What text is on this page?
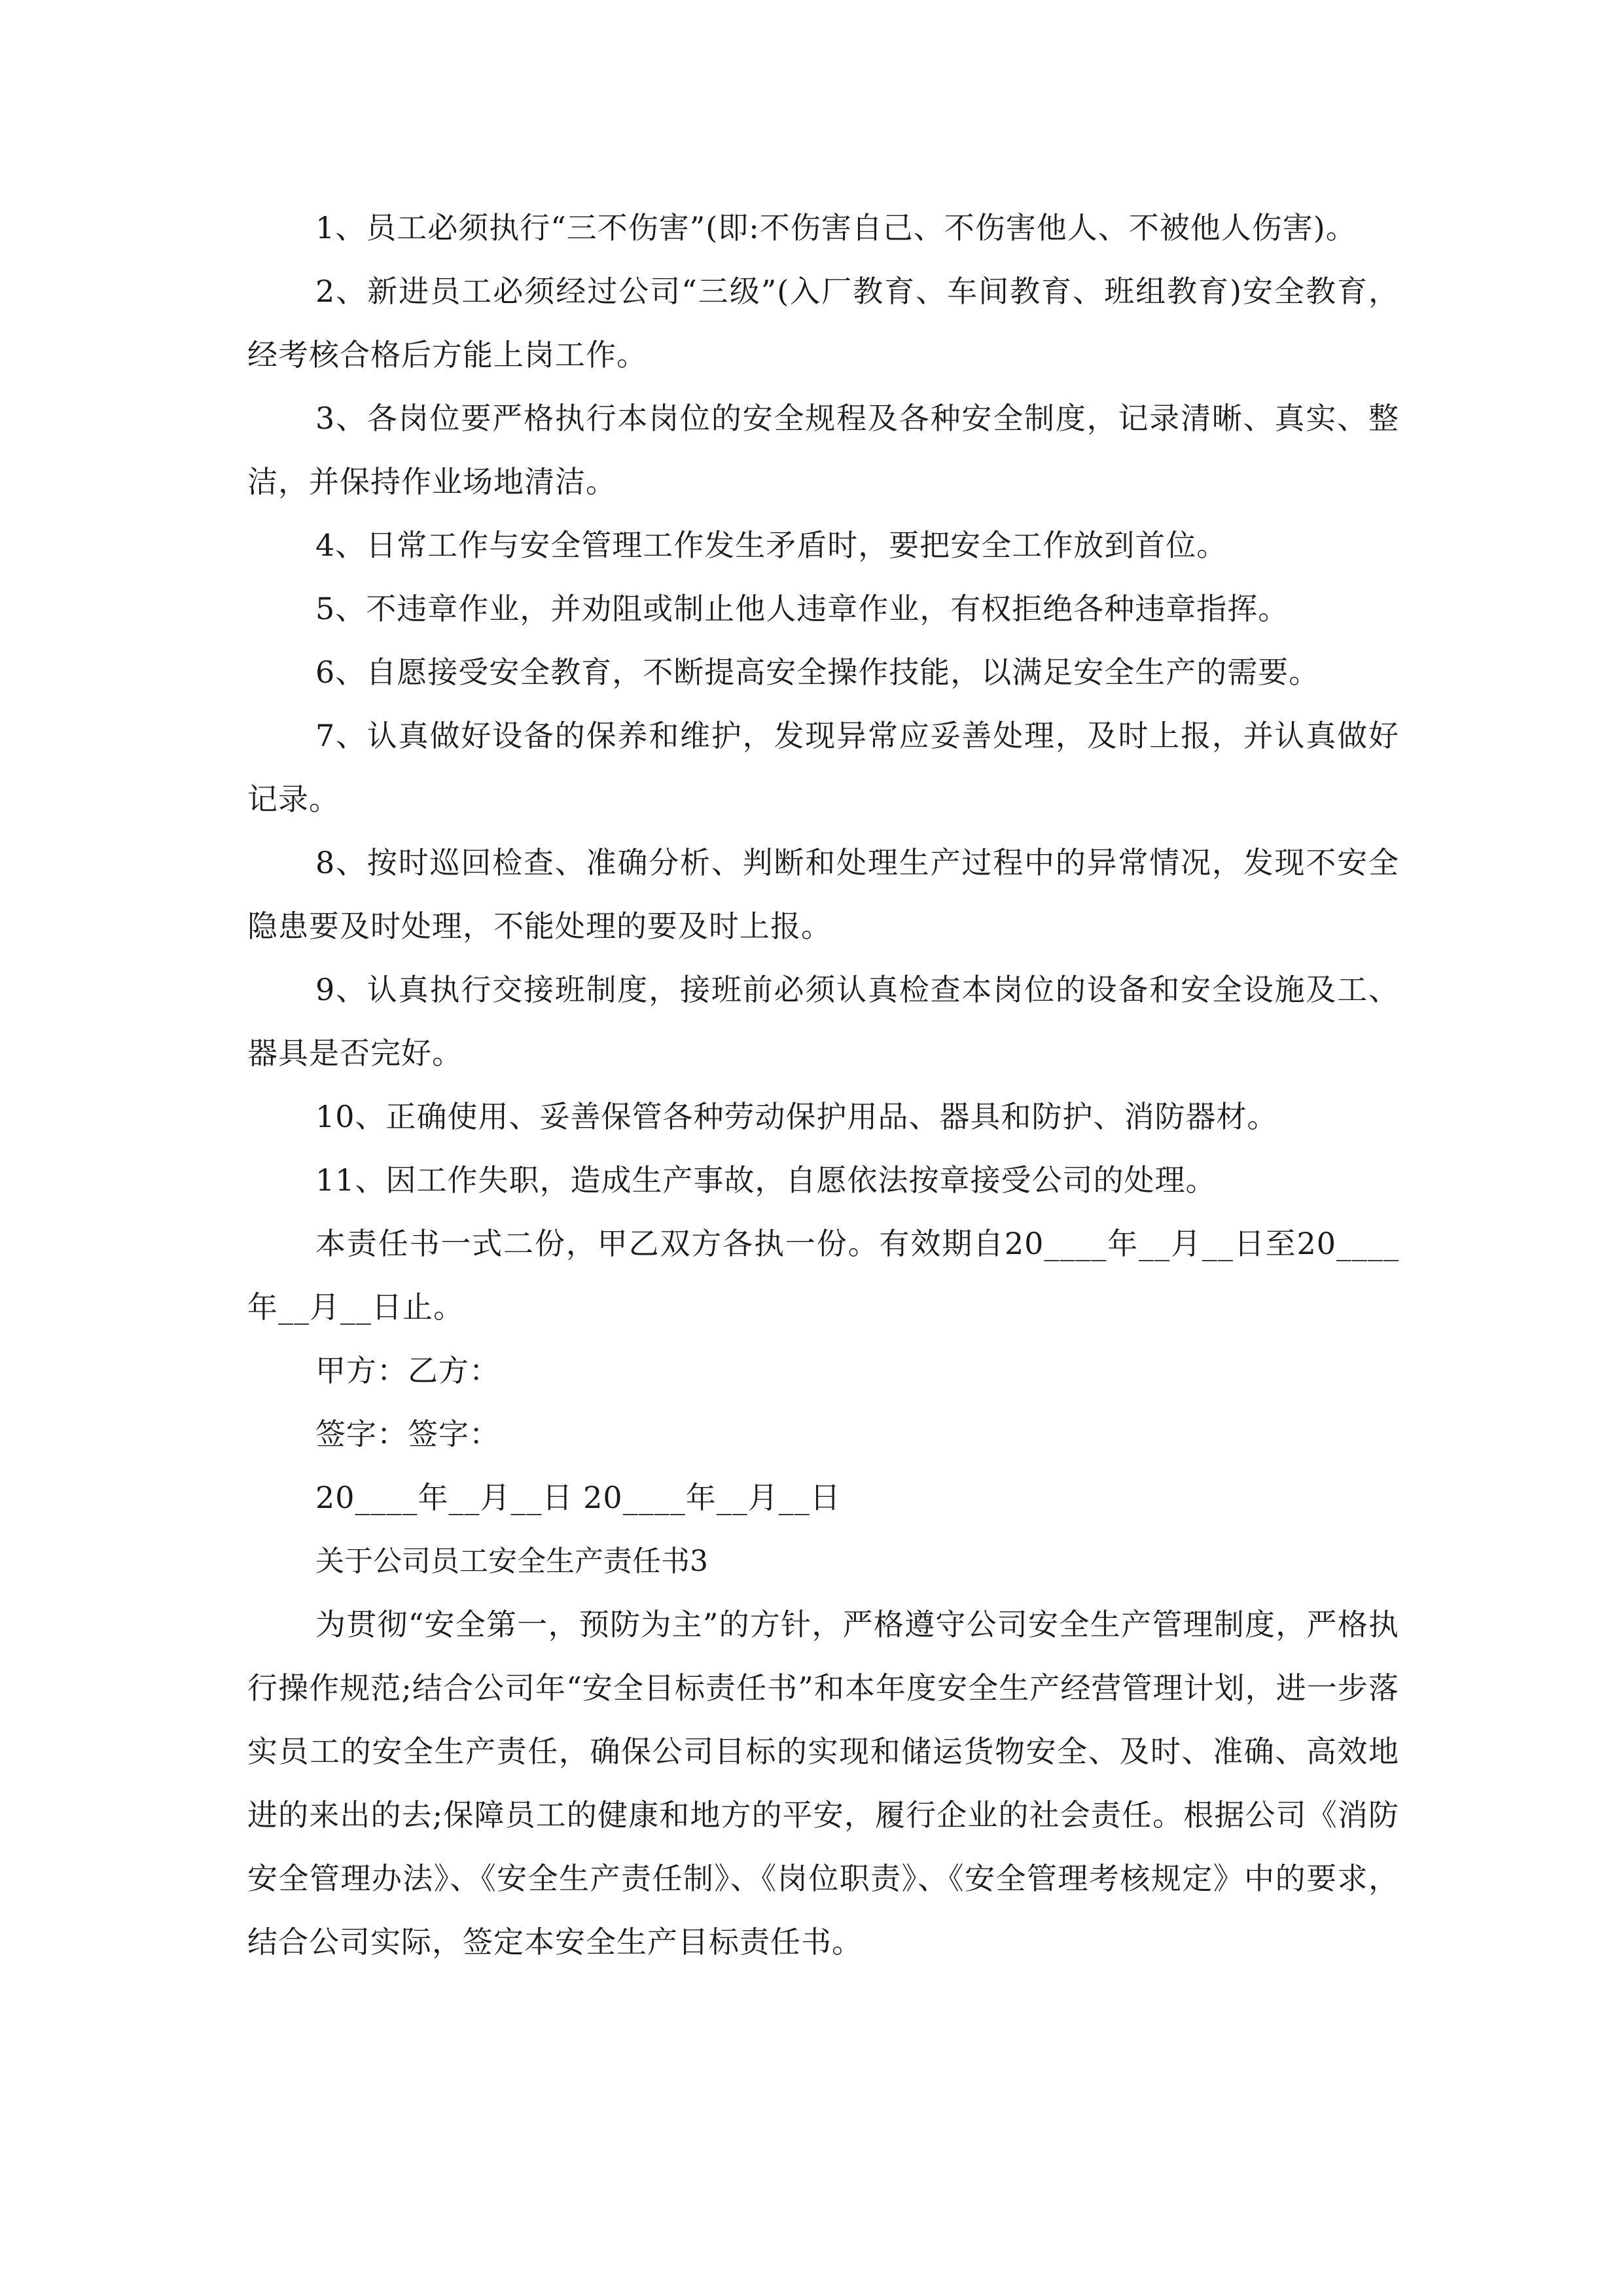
1、员工必须执行“三不伤害”(即:不伤害自己、不伤害他人、不被他人伤害)。

2、新进员工必须经过公司“三级”(入厂教育、车间教育、班组教育)安全教育，经考核合格后方能上岗工作。

3、各岗位要严格执行本岗位的安全规程及各种安全制度，记录清晰、真实、整洁，并保持作业场地清洁。

4、日常工作与安全管理工作发生矛盾时，要把安全工作放到首位。

5、不违章作业，并劝阻或制止他人违章作业，有权拒绝各种违章指挥。

6、自愿接受安全教育，不断提高安全操作技能，以满足安全生产的需要。

7、认真做好设备的保养和维护，发现异常应妥善处理，及时上报，并认真做好记录。

8、按时巡回检查、准确分析、判断和处理生产过程中的异常情况，发现不安全隐患要及时处理，不能处理的要及时上报。

9、认真执行交接班制度，接班前必须认真检查本岗位的设备和安全设施及工、器具是否完好。

10、正确使用、妥善保管各种劳动保护用品、器具和防护、消防器材。

11、因工作失职，造成生产事故，自愿依法按章接受公司的处理。

本责任书一式二份，甲乙双方各执一份。有效期自20____年__月__日至20____年__月__日止。

甲方：乙方：

签字：签字：

20____年__月__日 20____年__月__日

关于公司员工安全生产责任书3

为贯彻“安全第一，预防为主”的方针，严格遵守公司安全生产管理制度，严格执行操作规范;结合公司年“安全目标责任书”和本年度安全生产经营管理计划，进一步落实员工的安全生产责任，确保公司目标的实现和储运货物安全、及时、准确、高效地进的来出的去;保障员工的健康和地方的平安，履行企业的社会责任。根据公司《消防安全管理办法》、《安全生产责任制》、《岗位职责》、《安全管理考核规定》中的要求，结合公司实际，签定本安全生产目标责任书。
